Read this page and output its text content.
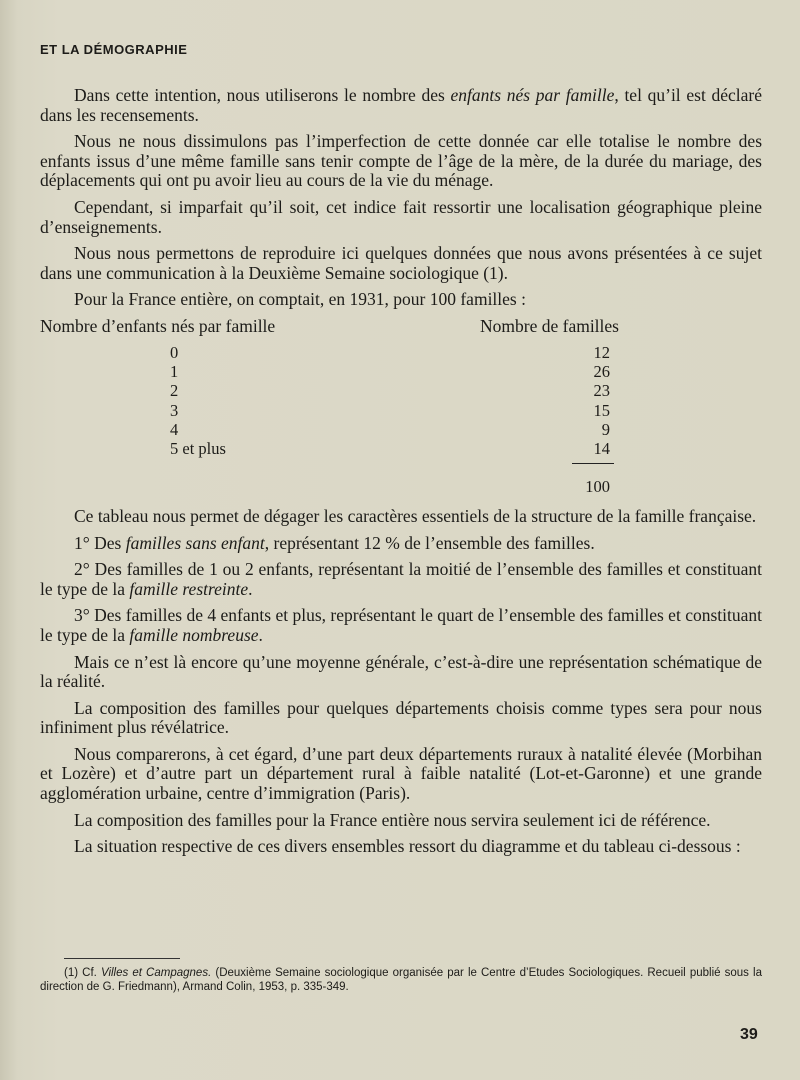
ET LA DÉMOGRAPHIE

Dans cette intention, nous utiliserons le nombre des enfants nés par famille, tel qu’il est déclaré dans les recensements.

Nous ne nous dissimulons pas l’imperfection de cette donnée car elle totalise le nombre des enfants issus d’une même famille sans tenir compte de l’âge de la mère, de la durée du mariage, des déplacements qui ont pu avoir lieu au cours de la vie du ménage.

Cependant, si imparfait qu’il soit, cet indice fait ressortir une localisation géographique pleine d’enseignements.

Nous nous permettons de reproduire ici quelques données que nous avons présentées à ce sujet dans une communication à la Deuxième Semaine sociologique (1).

Pour la France entière, on comptait, en 1931, pour 100 familles :

Nombre d’enfants nés par famille	Nombre de familles
0
1
2
3
4
5 et plus
12
26
23
15
9
14
100

Ce tableau nous permet de dégager les caractères essentiels de la structure de la famille française.

1° Des familles sans enfant, représentant 12 % de l’ensemble des familles.

2° Des familles de 1 ou 2 enfants, représentant la moitié de l’ensemble des familles et constituant le type de la famille restreinte.

3° Des familles de 4 enfants et plus, représentant le quart de l’ensemble des familles et constituant le type de la famille nombreuse.

Mais ce n’est là encore qu’une moyenne générale, c’est-à-dire une représentation schématique de la réalité.

La composition des familles pour quelques départements choisis comme types sera pour nous infiniment plus révélatrice.

Nous comparerons, à cet égard, d’une part deux départements ruraux à natalité élevée (Morbihan et Lozère) et d’autre part un département rural à faible natalité (Lot-et-Garonne) et une grande agglomération urbaine, centre d’immigration (Paris).

La composition des familles pour la France entière nous servira seulement ici de référence.

La situation respective de ces divers ensembles ressort du diagramme et du tableau ci-dessous :

(1) Cf. Villes et Campagnes. (Deuxième Semaine sociologique organisée par le Centre d’Etudes Sociologiques. Recueil publié sous la direction de G. Friedmann), Armand Colin, 1953, p. 335-349.
39
